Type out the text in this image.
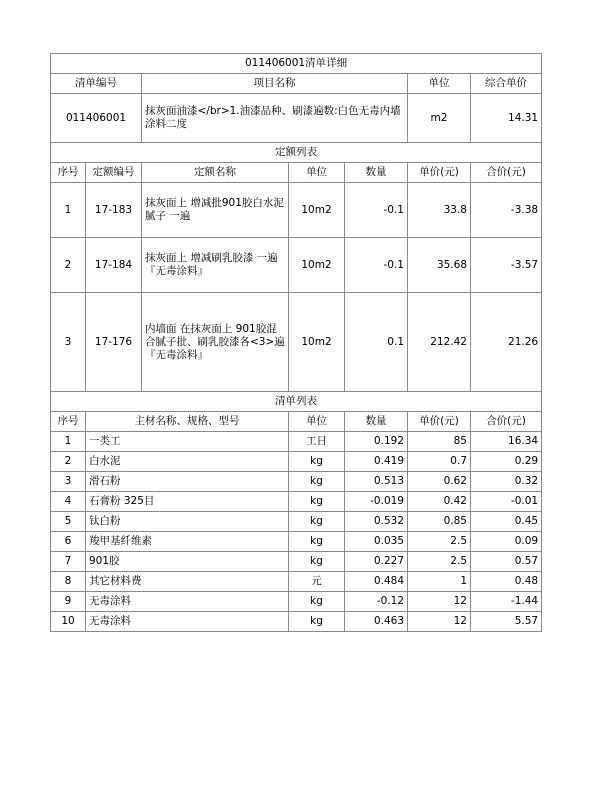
011406001清单详细						
清单编号		项目名称			单位	综合单价
011406001		抹灰面油漆</br>1.油漆品种、刷漆遍数:白色无毒内墙涂料二度			m2	14.31
定额列表						
序号	定额编号	定额名称	单位	数量	单价(元)	合价(元)
1	17-183	抹灰面上 增减批901胶白水泥腻子 一遍	10m2	-0.1	33.8	-3.38
2	17-184	抹灰面上 增减刷乳胶漆 一遍『无毒涂料』	10m2	-0.1	35.68	-3.57
3	17-176	内墙面 在抹灰面上 901胶混合腻子批、刷乳胶漆各<3>遍『无毒涂料』	10m2	0.1	212.42	21.26
清单列表						
序号	主材名称、规格、型号		单位	数量	单价(元)	合价(元)
1	一类工		工日	0.192	85	16.34
2	白水泥		kg	0.419	0.7	0.29
3	滑石粉		kg	0.513	0.62	0.32
4	石膏粉 325目		kg	-0.019	0.42	-0.01
5	钛白粉		kg	0.532	0.85	0.45
6	羧甲基纤维素		kg	0.035	2.5	0.09
7	901胶		kg	0.227	2.5	0.57
8	其它材料费		元	0.484	1	0.48
9	无毒涂料		kg	-0.12	12	-1.44
10	无毒涂料		kg	0.463	12	5.57
